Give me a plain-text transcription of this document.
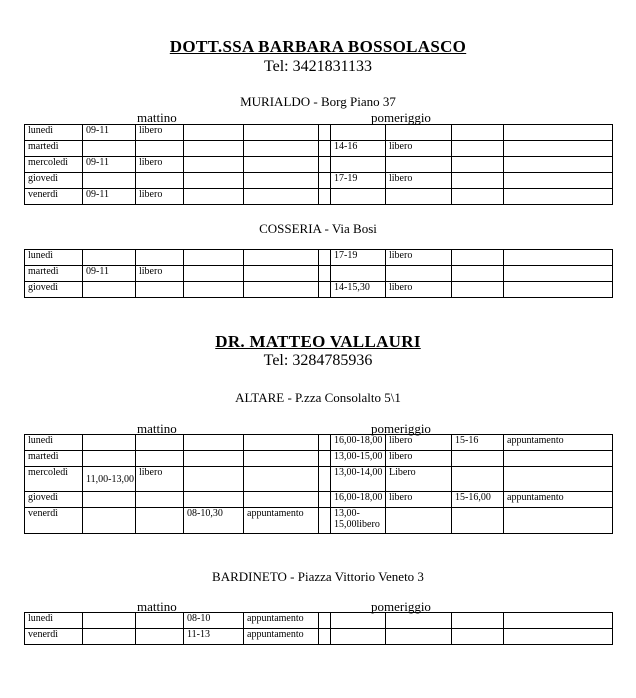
DOTT.SSA BARBARA BOSSOLASCO
Tel: 3421831133
MURIALDO - Borg Piano 37
mattino	pomeriggio
lunedì	09-11	libero							
martedì						14-16	libero		
mercoledì	09-11	libero							
giovedì						17-19	libero		
venerdì	09-11	libero							
COSSERIA - Via Bosi
lunedì						17-19	libero		
martedì	09-11	libero							
giovedì						14-15,30	libero		
DR. MATTEO VALLAURI
Tel: 3284785936
ALTARE - P.zza Consolalto 5\1
mattino	pomeriggio
lunedì						16,00-18,00	libero	15-16	appuntamento
martedì						13,00-15,00	libero		
mercoledì	11,00-13,00	libero				13,00-14,00	Libero		
giovedì						16,00-18,00	libero	15-16,00	appuntamento
venerdì			08-10,30	appuntamento		13,00-15,00libero			
BARDINETO - Piazza Vittorio Veneto 3
mattino	pomeriggio
lunedì			08-10	appuntamento					
venerdì			11-13	appuntamento					
